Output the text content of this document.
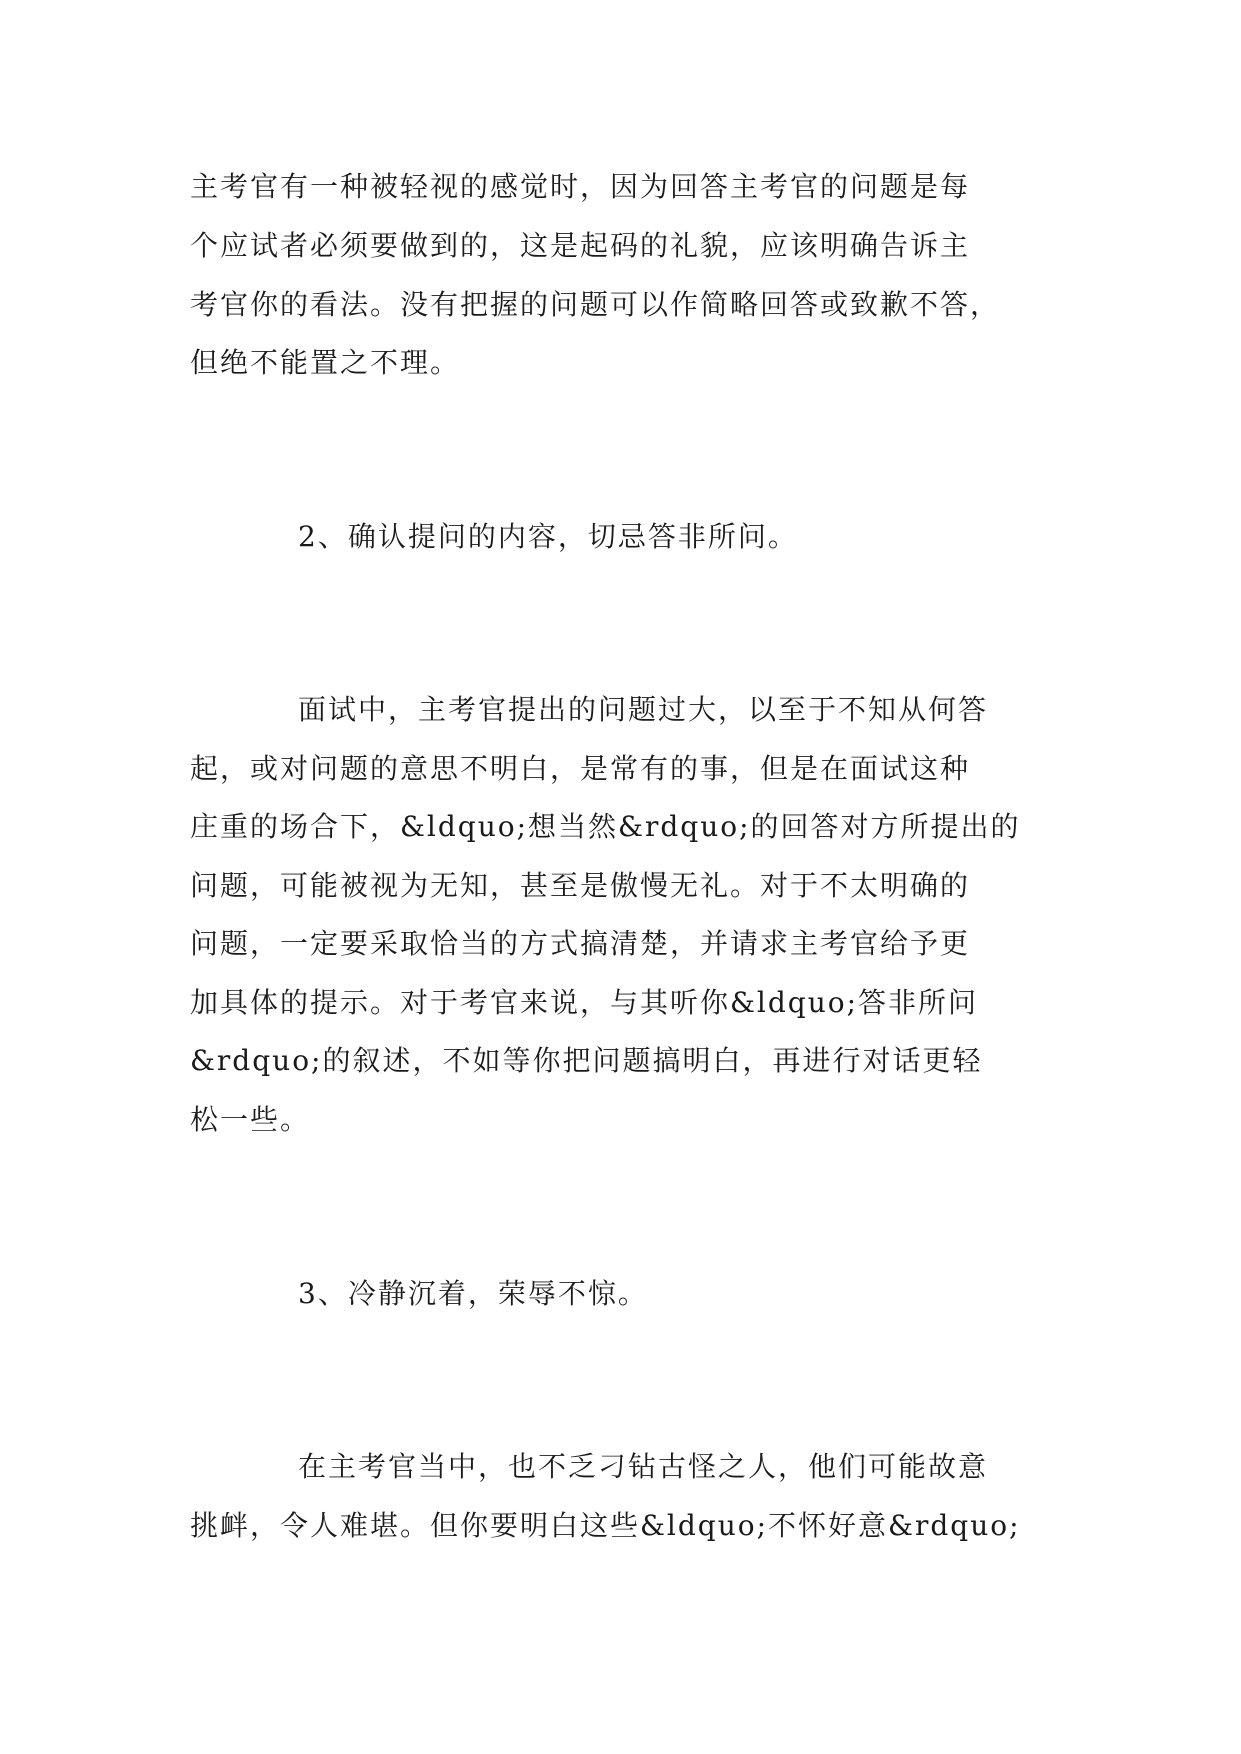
主考官有一种被轻视的感觉时，因为回答主考官的问题是每
个应试者必须要做到的，这是起码的礼貌，应该明确告诉主
考官你的看法。没有把握的问题可以作简略回答或致歉不答，
但绝不能置之不理。
2、确认提问的内容，切忌答非所问。
面试中，主考官提出的问题过大，以至于不知从何答
起，或对问题的意思不明白，是常有的事，但是在面试这种
庄重的场合下，&ldquo;想当然&rdquo;的回答对方所提出的
问题，可能被视为无知，甚至是傲慢无礼。对于不太明确的
问题，一定要采取恰当的方式搞清楚，并请求主考官给予更
加具体的提示。对于考官来说，与其听你&ldquo;答非所问
&rdquo;的叙述，不如等你把问题搞明白，再进行对话更轻
松一些。
3、冷静沉着，荣辱不惊。
在主考官当中，也不乏刁钻古怪之人，他们可能故意
挑衅，令人难堪。但你要明白这些&ldquo;不怀好意&rdquo;
